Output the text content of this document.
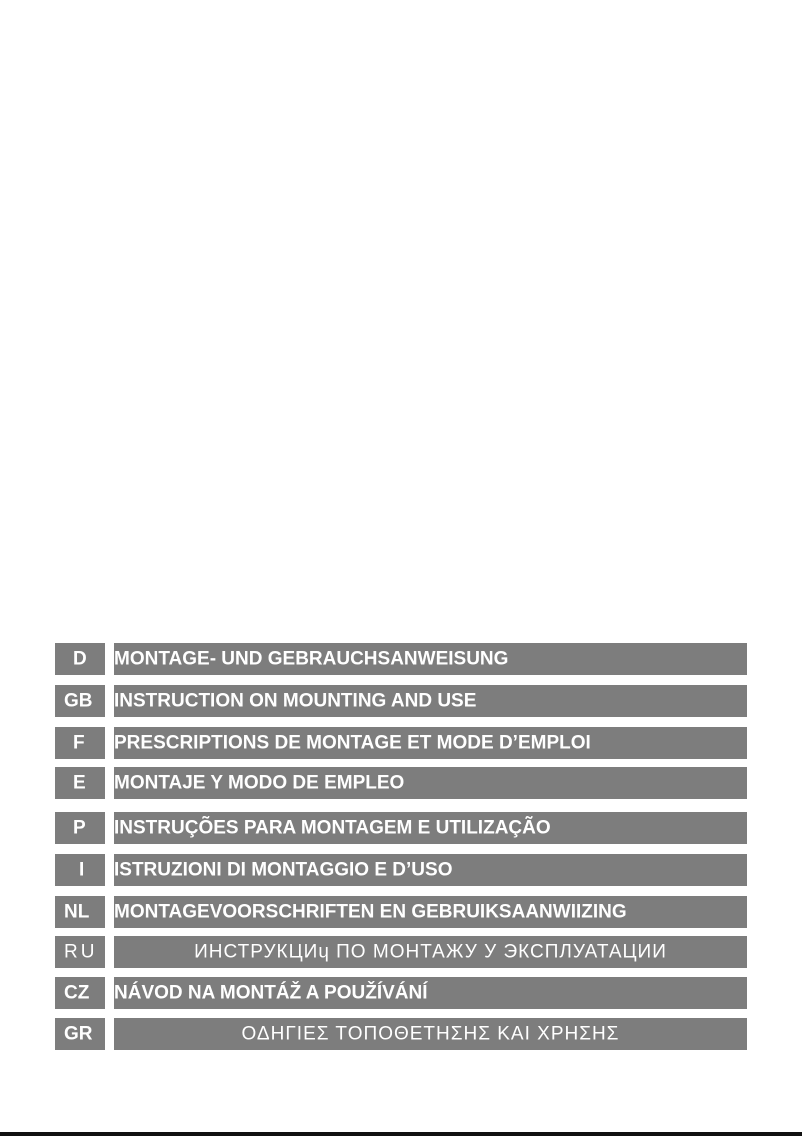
D MONTAGE- UND GEBRAUCHSANWEISUNG
GB INSTRUCTION ON MOUNTING AND USE
F PRESCRIPTIONS DE MONTAGE ET MODE D’EMPLOI
E MONTAJE Y MODO DE EMPLEO
P INSTRUÇÕES PARA MONTAGEM E UTILIZAÇÃO
I ISTRUZIONI DI MONTAGGIO E D’USO
NL MONTAGEVOORSCHRIFTEN EN GEBRUIKSAANWIIZING
RU	ИНСТРУКЦИɥ ПО МОНТАЖУ У ЭКСПЛУАТАЦИИ
CZ NÁVOD NA MONTÁŽ A POUŽÍVÁNÍ
GR	ΟΔΗΓΙΕΣ ΤΟΠΟΘΕΤΗΣΗΣ ΚΑΙ ΧΡΗΣΗΣ
